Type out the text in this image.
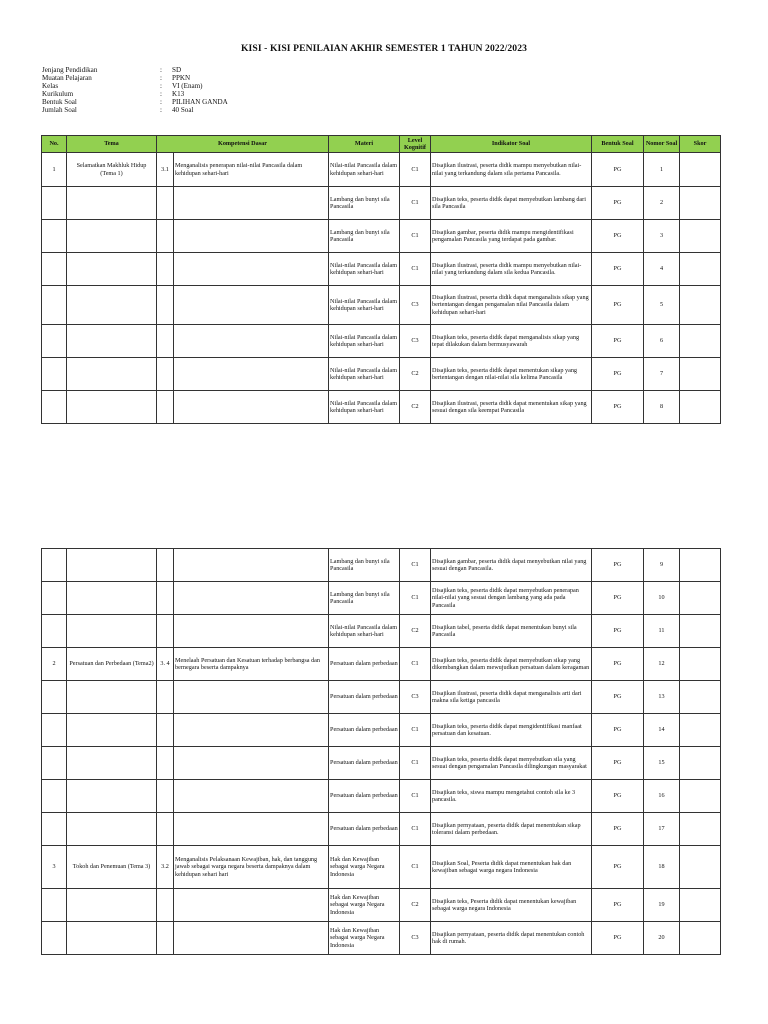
KISI - KISI PENILAIAN AKHIR SEMESTER 1 TAHUN 2022/2023
Jenjang Pendidikan	:	SD
Muatan Pelajaran	:	PPKN
Kelas	:	VI (Enam)
Kurikulum	:	K13
Bentuk Soal	:	PILIHAN GANDA
Jumlah Soal	:	40 Soal
No.	Tema	Kompetensi Dasar		Materi	Level Kognitif	Indikator Soal	Bentuk Soal	Nomor Soal	Skor
1	Selamatkan Makhluk Hidup (Tema 1)	3.1	Menganalisis penerapan nilai-nilai Pancasila dalam kehidupan sehari-hari	Nilai-nilai Pancasila dalam kehidupan sehari-hari	C1	Disajikan ilustrasi, peserta didik mampu menyebutkan nilai- nilai yang terkandung dalam sila pertama Pancasila.	PG	1	
				Lambang dan bunyi sila Pancasila	C1	Disajikan teks, peserta didik dapat menyebutkan lambang dari sila Pancasila	PG	2	
				Lambang dan bunyi sila Pancasila	C1	Disajikan gambar, peserta didik mampu mengidentifikasi pengamalan Pancasila yang terdapat pada gambar.	PG	3	
				Nilai-nilai Pancasila dalam kehidupan sehari-hari	C1	Disajikan ilustrasi, peserta didik mampu menyebutkan nilai- nilai yang terkandung dalam sila kedua Pancasila.	PG	4	
				Nilai-nilai Pancasila dalam kehidupan sehari-hari	C3	Disajikan ilustrasi, peserta didik dapat menganalisis sikap yang bertentangan dengan pengamalan nilai Pancasila dalam kehidupan sehari-hari	PG	5	
				Nilai-nilai Pancasila dalam kehidupan sehari-hari	C3	Disajikan teks, peserta didik dapat menganalisis sikap yang tepat dilakukan dalam bermusyawarah	PG	6	
				Nilai-nilai Pancasila dalam kehidupan sehari-hari	C2	Disajikan teks, peserta didik dapat menentukan sikap yang bertentangan dengan nilai-nilai sila kelima Pancasila	PG	7	
				Nilai-nilai Pancasila dalam kehidupan sehari-hari	C2	Disajikan ilustrasi, peserta didik dapat menentukan sikap yang sesuai dengan sila keempat Pancasila	PG	8	
				Lambang dan bunyi sila Pancasila	C1	Disajikan gambar, peserta didik dapat menyebutkan nilai yang sesuai dengan Pancasila.	PG	9	
				Lambang dan bunyi sila Pancasila	C1	Disajikan teks, peserta didik dapat menyebutkan penerapan nilai-nilai yang sesuai dengan lambang yang ada pada Pancasila	PG	10	
				Nilai-nilai Pancasila dalam kehidupan sehari-hari	C2	Disajikan tabel, peserta didik dapat menentukan bunyi sila Pancasila	PG	11	
2	Persatuan dan Perbedaan (Tema2)	3. 4	Menelaah Persatuan dan Kesatuan terhadap berbangsa dan bernegara beserta dampaknya	Persatuan dalam perbedaan	C1	Disajikan teks, peserta didik dapat menyebutkan sikap yang dikembangkan dalam mewujudkan persatuan dalam keragaman	PG	12	
				Persatuan dalam perbedaan	C3	Disajikan ilustrasi, peserta didik dapat menganalisis arti dari makna sila ketiga pancasila	PG	13	
				Persatuan dalam perbedaan	C1	Disajikan teks, peserta didik dapat mengidentifikasi manfaat persatuan dan kesatuan.	PG	14	
				Persatuan dalam perbedaan	C1	Disajikan teks, peserta didik dapat menyebutkan sila yang sesuai dengan pengamalan Pancasila dilingkungan masyarakat	PG	15	
				Persatuan dalam perbedaan	C1	Disajikan teks, siswa mampu mengetahui contoh sila ke 3 pancasila.	PG	16	
				Persatuan dalam perbedaan	C1	Disajikan pernyataan, peserta didik dapat menentukan sikap toleransi dalam perbedaan.	PG	17	
3	Tokoh dan Penemuan (Tema 3)	3.2	Menganalisis Pelaksanaan Kewajiban, hak, dan tanggung jawab sebagai warga negara beserta dampaknya dalam kehidupan sehari hari	Hak dan Kewajiban sebagai warga Negara Indonesia	C1	Disajikan Soal, Peserta didik dapat menentukan hak dan kewajiban sebagai warga negara Indonesia	PG	18	
				Hak dan Kewajiban sebagai warga Negara Indonesia	C2	Disajikan teks, Peserta didik dapat menentukan kewajiban sebagai warga negara Indonesia	PG	19	
				Hak dan Kewajiban sebagai warga Negara Indonesia	C3	Disajikan pernyataan, peserta didik dapat menentukan contoh hak di rumah.	PG	20	
